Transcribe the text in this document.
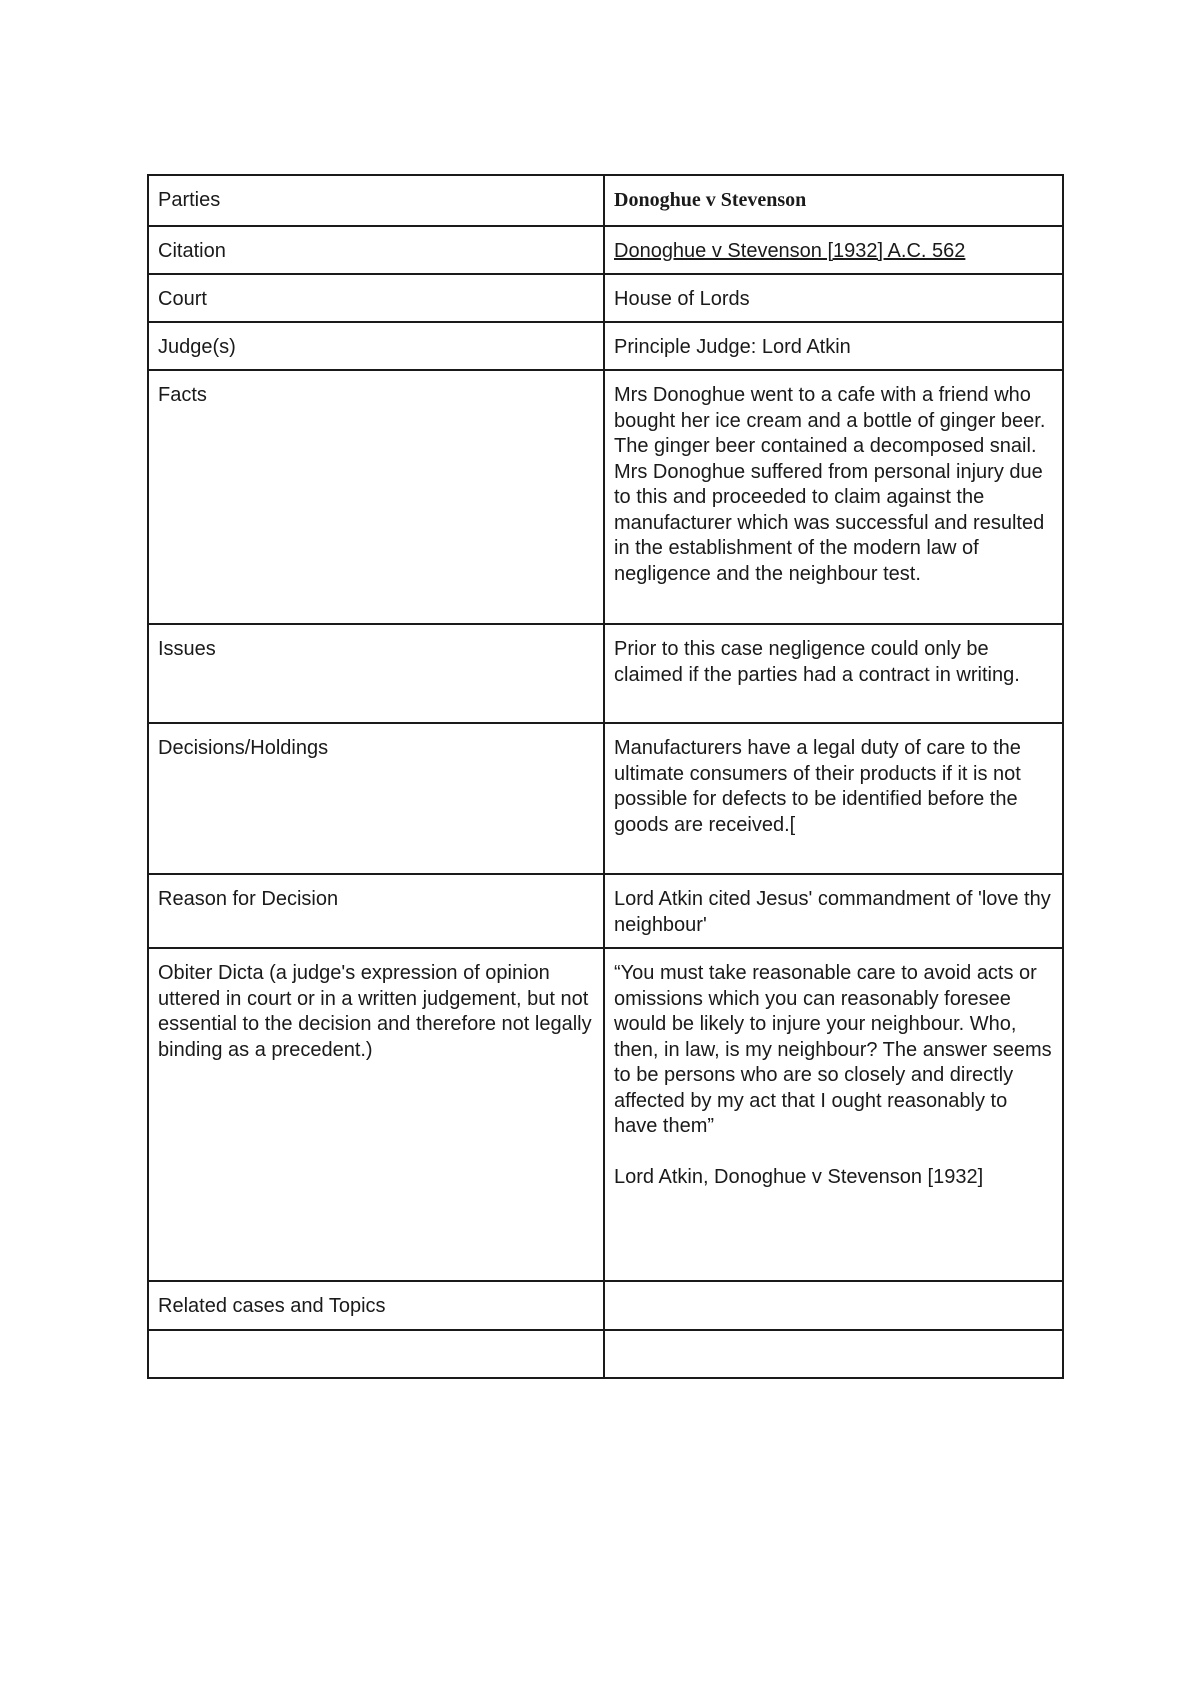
Parties	Donoghue v Stevenson
Citation	Donoghue v Stevenson [1932] A.C. 562
Court	House of Lords
Judge(s)	Principle Judge: Lord Atkin
Facts	Mrs Donoghue went to a cafe with a friend who bought her ice cream and a bottle of ginger beer. The ginger beer contained a decomposed snail. Mrs Donoghue suffered from personal injury due to this and proceeded to claim against the manufacturer which was successful and resulted in the establishment of the modern law of negligence and the neighbour test.
Issues	Prior to this case negligence could only be claimed if the parties had a contract in writing.
Decisions/Holdings	Manufacturers have a legal duty of care to the ultimate consumers of their products if it is not possible for defects to be identified before the goods are received.[
Reason for Decision	Lord Atkin cited Jesus' commandment of 'love thy neighbour'
Obiter Dicta (a judge's expression of opinion uttered in court or in a written judgement, but not essential to the decision and therefore not legally binding as a precedent.)	“You must take reasonable care to avoid acts or omissions which you can reasonably foresee would be likely to injure your neighbour. Who, then, in law, is my neighbour? The answer seems to be persons who are so closely and directly affected by my act that I ought reasonably to have them”
Lord Atkin, Donoghue v Stevenson [1932]

Related cases and Topics	
